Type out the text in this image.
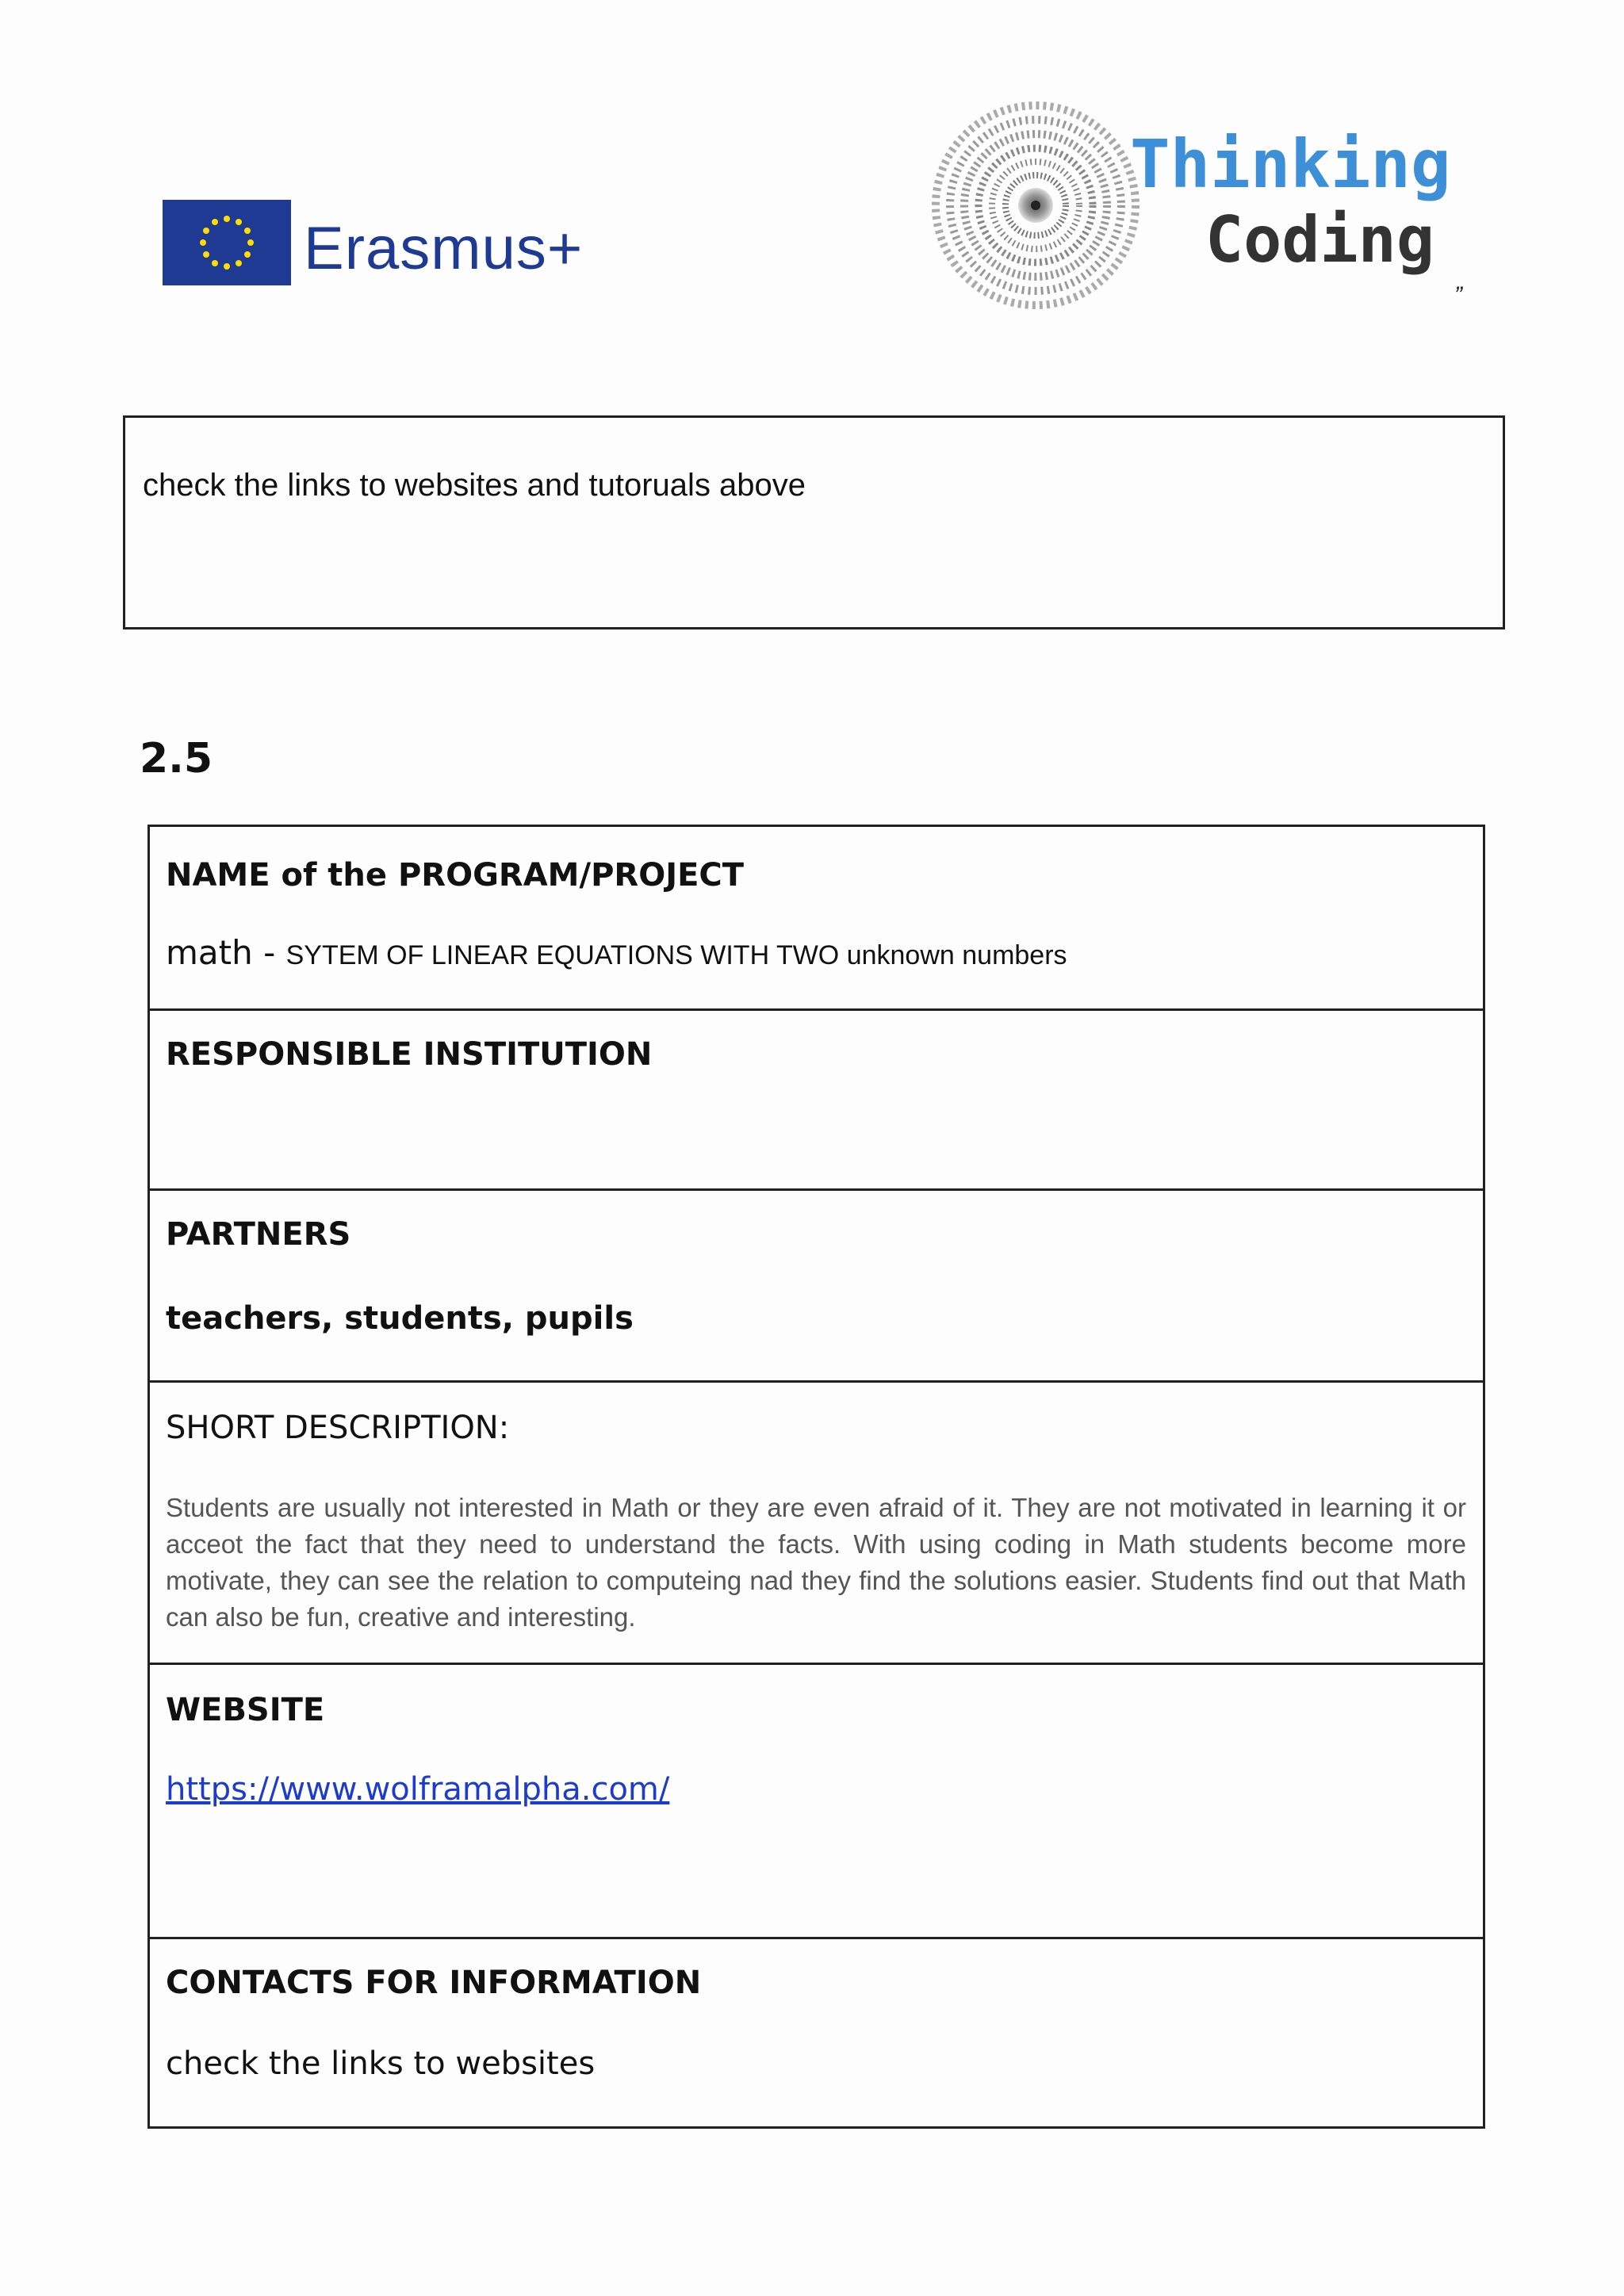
Erasmus+
Thinking
Coding
”
check the links to websites and tutoruals above
2.5
NAME of the PROGRAM/PROJECT
math - SYTEM OF LINEAR EQUATIONS WITH TWO unknown numbers
RESPONSIBLE INSTITUTION
PARTNERS
teachers, students, pupils
SHORT DESCRIPTION:
Students are usually not interested in Math or they are even afraid of it. They are not motivated in learning it or acceot the fact that they need to understand the facts. With using coding in Math students become more motivate, they can see the relation to computeing nad they find the solutions easier. Students find out that Math can also be fun, creative and interesting.
WEBSITE
https://www.wolframalpha.com/
CONTACTS FOR INFORMATION
check the links to websites
